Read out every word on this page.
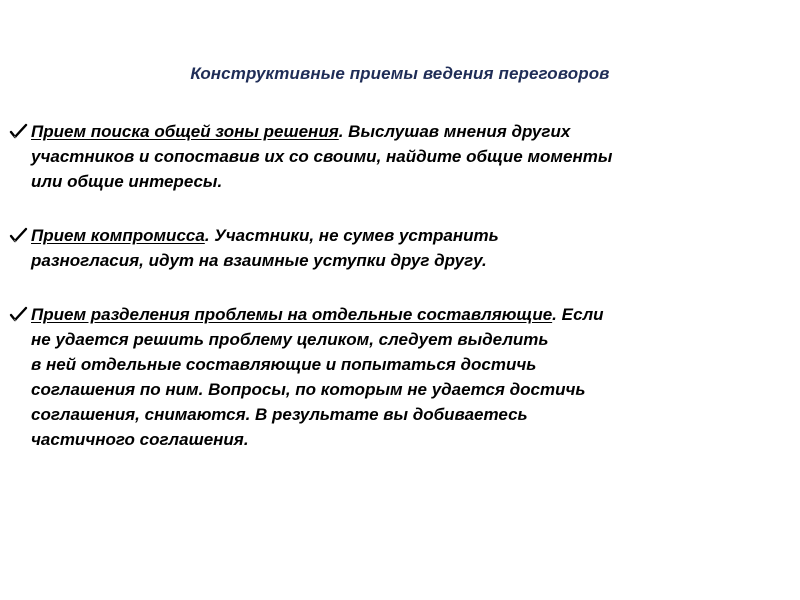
Конструктивные приемы ведения переговоров
Прием поиска общей зоны решения. Выслушав мнения других
участников и сопоставив их со своими, найдите общие моменты
или общие интересы.
Прием компромисса. Участники, не сумев устранить
разногласия, идут на взаимные уступки друг другу.
Прием разделения проблемы на отдельные составляющие. Если
не удается решить проблему целиком, следует выделить
в ней отдельные составляющие и попытаться достичь
соглашения по ним. Вопросы, по которым не удается достичь
соглашения, снимаются. В результате вы добиваетесь
частичного соглашения.
